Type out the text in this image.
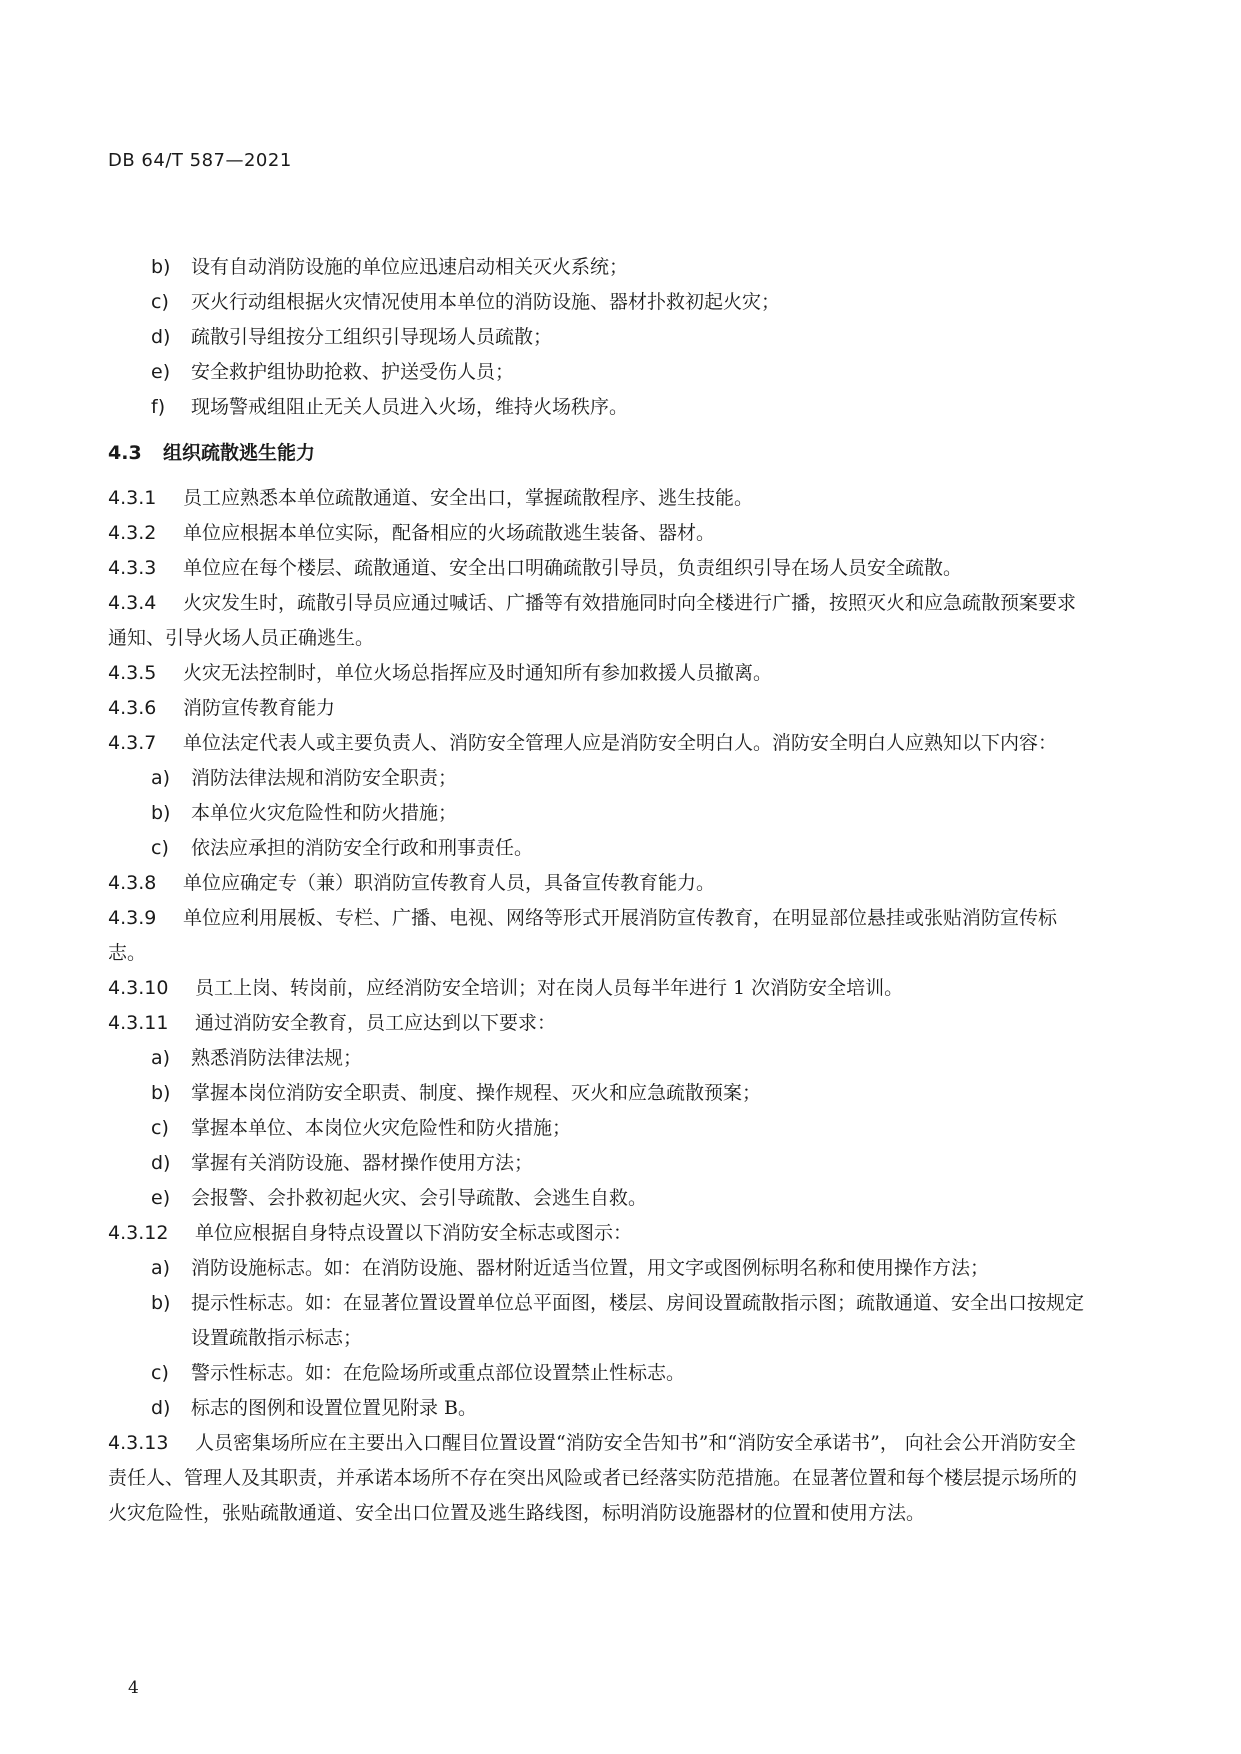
DB 64/T 587—2021
b) 设有自动消防设施的单位应迅速启动相关灭火系统；
c) 灭火行动组根据火灾情况使用本单位的消防设施、器材扑救初起火灾；
d) 疏散引导组按分工组织引导现场人员疏散；
e) 安全救护组协助抢救、护送受伤人员；
f) 现场警戒组阻止无关人员进入火场，维持火场秩序。
4.3 组织疏散逃生能力
4.3.1 员工应熟悉本单位疏散通道、安全出口，掌握疏散程序、逃生技能。
4.3.2 单位应根据本单位实际，配备相应的火场疏散逃生装备、器材。
4.3.3 单位应在每个楼层、疏散通道、安全出口明确疏散引导员，负责组织引导在场人员安全疏散。
4.3.4 火灾发生时，疏散引导员应通过喊话、广播等有效措施同时向全楼进行广播，按照灭火和应急疏散预案要求通知、引导火场人员正确逃生。
4.3.5 火灾无法控制时，单位火场总指挥应及时通知所有参加救援人员撤离。
4.3.6 消防宣传教育能力
4.3.7 单位法定代表人或主要负责人、消防安全管理人应是消防安全明白人。消防安全明白人应熟知以下内容：
a) 消防法律法规和消防安全职责；
b) 本单位火灾危险性和防火措施；
c) 依法应承担的消防安全行政和刑事责任。
4.3.8 单位应确定专（兼）职消防宣传教育人员，具备宣传教育能力。
4.3.9 单位应利用展板、专栏、广播、电视、网络等形式开展消防宣传教育，在明显部位悬挂或张贴消防宣传标志。
4.3.10 员工上岗、转岗前，应经消防安全培训；对在岗人员每半年进行 1 次消防安全培训。
4.3.11 通过消防安全教育，员工应达到以下要求：
a) 熟悉消防法律法规；
b) 掌握本岗位消防安全职责、制度、操作规程、灭火和应急疏散预案；
c) 掌握本单位、本岗位火灾危险性和防火措施；
d) 掌握有关消防设施、器材操作使用方法；
e) 会报警、会扑救初起火灾、会引导疏散、会逃生自救。
4.3.12 单位应根据自身特点设置以下消防安全标志或图示：
a) 消防设施标志。如：在消防设施、器材附近适当位置，用文字或图例标明名称和使用操作方法；
b)	提示性标志。如：在显著位置设置单位总平面图，楼层、房间设置疏散指示图；疏散通道、安全出口按规定设置疏散指示标志；
c) 警示性标志。如：在危险场所或重点部位设置禁止性标志。
d) 标志的图例和设置位置见附录 B。
4.3.13 人员密集场所应在主要出入口醒目位置设置“消防安全告知书”和“消防安全承诺书”， 向社会公开消防安全责任人、管理人及其职责，并承诺本场所不存在突出风险或者已经落实防范措施。在显著位置和每个楼层提示场所的火灾危险性，张贴疏散通道、安全出口位置及逃生路线图，标明消防设施器材的位置和使用方法。
4
